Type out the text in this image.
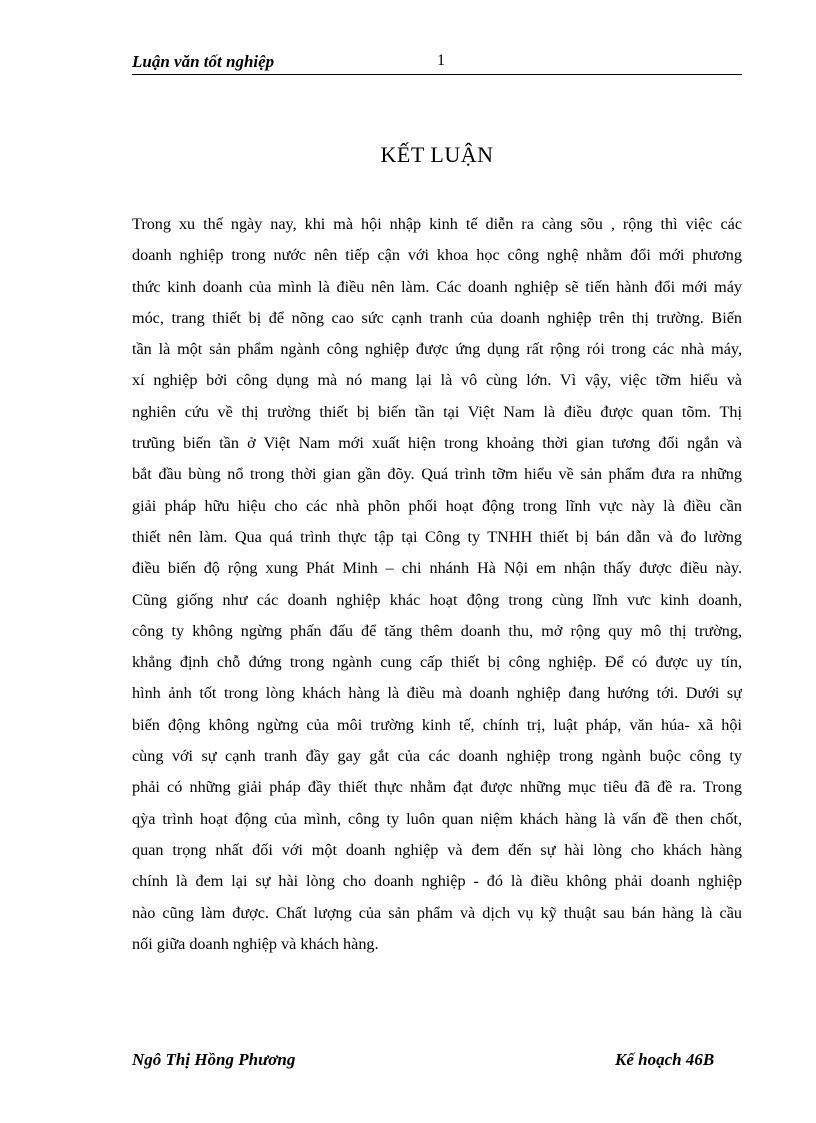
Luận văn tốt nghiệp	1
KẾT LUẬN
Trong xu thế ngày nay, khi mà hội nhập kinh tế diễn ra càng sõu , rộng thì việc các
doanh nghiệp trong nước nên tiếp cận với khoa học công nghệ nhằm đổi mới phương
thức kinh doanh của mình là điều nên làm. Các doanh nghiệp sẽ tiến hành đổi mới máy
móc, trang thiết bị để nõng cao sức cạnh tranh của doanh nghiệp trên thị trường. Biến
tần là một sản phẩm ngành công nghiệp được ứng dụng rất rộng rói trong các nhà máy,
xí nghiệp bởi công dụng mà nó mang lại là vô cùng lớn. Vì vậy, việc tỡm hiểu và
nghiên cứu về thị trường thiết bị biến tần tại Việt Nam là điều được quan tõm. Thị
trưũng biến tần ở Việt Nam mới xuất hiện trong khoảng thời gian tương đối ngắn và
bắt đầu bùng nổ trong thời gian gần đõy. Quá trình tỡm hiểu về sản phẩm đưa ra những
giải pháp hữu hiệu cho các nhà phõn phối hoạt động trong lĩnh vực này là điều cần
thiết nên làm. Qua quá trình thực tập tại Công ty TNHH thiết bị bán dẫn và đo lường
điều biến độ rộng xung Phát Minh – chi nhánh Hà Nội em nhận thấy được điều này.
Cũng giống như các doanh nghiệp khác hoạt động trong cùng lĩnh vưc kinh doanh,
công ty không ngừng phấn đấu để tăng thêm doanh thu, mở rộng quy mô thị trường,
khẳng định chỗ đứng trong ngành cung cấp thiết bị công nghiệp. Để có được uy tín,
hình ảnh tốt trong lòng khách hàng là điều mà doanh nghiệp đang hướng tới. Dưới sự
biến động không ngừng của môi trường kinh tế, chính trị, luật pháp, văn húa- xã hội
cùng với sự cạnh tranh đầy gay gắt của các doanh nghiệp trong ngành buộc công ty
phải có những giải pháp đầy thiết thực nhằm đạt được những mục tiêu đã đề ra. Trong
qỳa trình hoạt động của mình, công ty luôn quan niệm khách hàng là vấn đề then chốt,
quan trọng nhất đối với một doanh nghiệp và đem đến sự hài lòng cho khách hàng
chính là đem lại sự hài lòng cho doanh nghiệp - đó là điều không phải doanh nghiệp
nào cũng làm được. Chất lượng của sản phẩm và dịch vụ kỹ thuật sau bán hàng là cầu
nối giữa doanh nghiệp và khách hàng.
Ngô Thị Hồng Phương	Kế hoạch 46B
